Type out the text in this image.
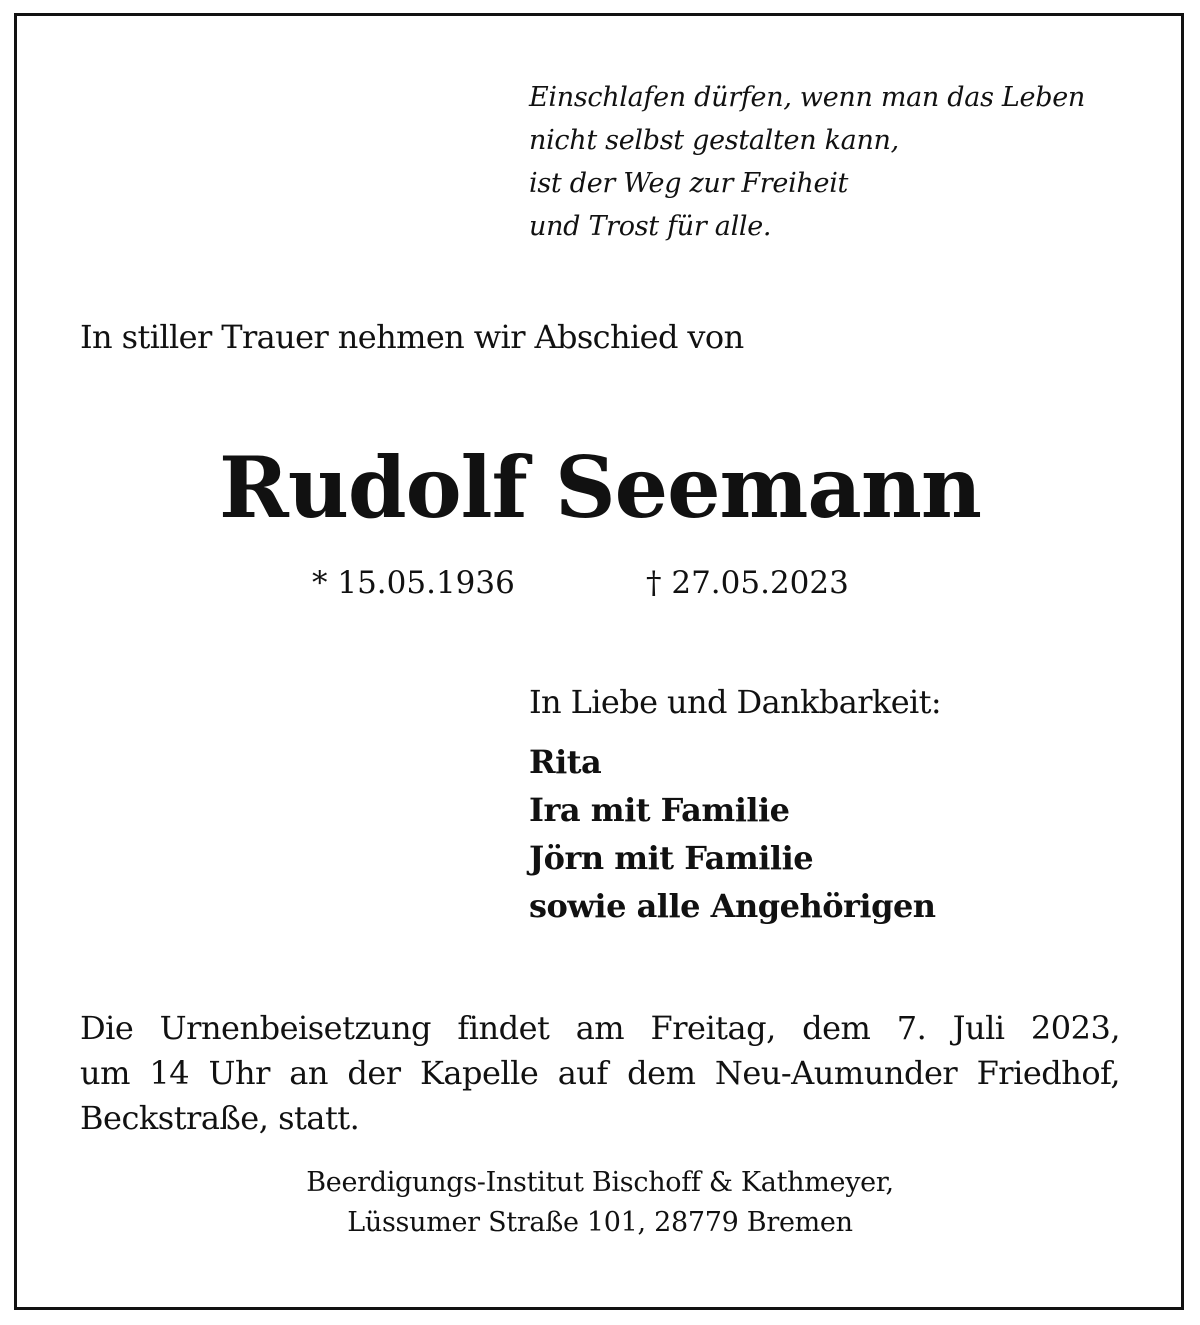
Einschlafen dürfen, wenn man das Leben
nicht selbst gestalten kann,
ist der Weg zur Freiheit
und Trost für alle.
In stiller Trauer nehmen wir Abschied von
Rudolf Seemann
* 15.05.1936	† 27.05.2023
In Liebe und Dankbarkeit:
Rita
Ira mit Familie
Jörn mit Familie
sowie alle Angehörigen
Die Urnenbeisetzung findet am Freitag, dem 7. Juli 2023,
um 14 Uhr an der Kapelle auf dem Neu-Aumunder Friedhof,
Beckstraße, statt.
Beerdigungs-Institut Bischoff & Kathmeyer,
Lüssumer Straße 101, 28779 Bremen
